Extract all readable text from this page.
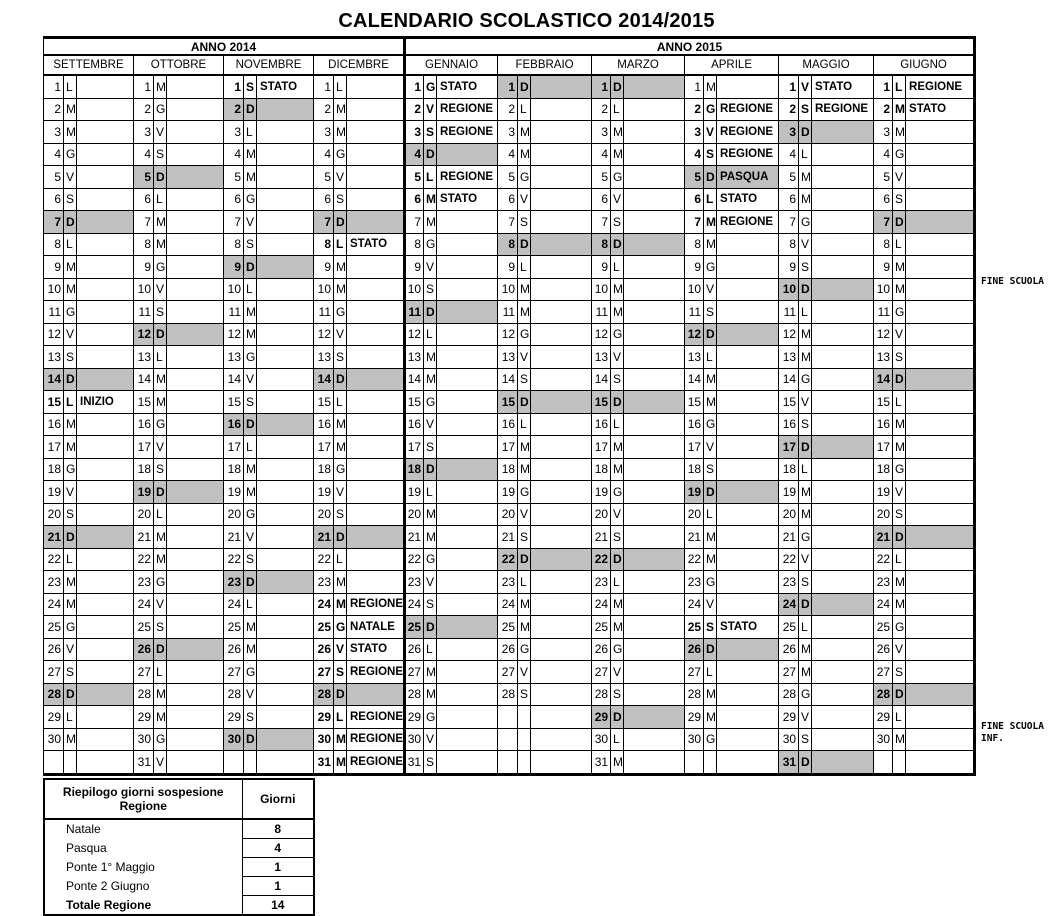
CALENDARIO SCOLASTICO 2014/2015
ANNO 2014												ANNO 2015																	
SETTEMBRE			OTTOBRE			NOVEMBRE			DICEMBRE			GENNAIO			FEBBRAIO			MARZO			APRILE			MAGGIO			GIUGNO		
1	L		1	M		1	S	STATO	1	L		1	G	STATO	1	D		1	D		1	M		1	V	STATO	1	L	REGIONE
2	M		2	G		2	D		2	M		2	V	REGIONE	2	L		2	L		2	G	REGIONE	2	S	REGIONE	2	M	STATO
3	M		3	V		3	L		3	M		3	S	REGIONE	3	M		3	M		3	V	REGIONE	3	D		3	M	
4	G		4	S		4	M		4	G		4	D		4	M		4	M		4	S	REGIONE	4	L		4	G	
5	V		5	D		5	M		5	V		5	L	REGIONE	5	G		5	G		5	D	PASQUA	5	M		5	V	
6	S		6	L		6	G		6	S		6	M	STATO	6	V		6	V		6	L	STATO	6	M		6	S	
7	D		7	M		7	V		7	D		7	M		7	S		7	S		7	M	REGIONE	7	G		7	D	
8	L		8	M		8	S		8	L	STATO	8	G		8	D		8	D		8	M		8	V		8	L	
9	M		9	G		9	D		9	M		9	V		9	L		9	L		9	G		9	S		9	M	
10	M		10	V		10	L		10	M		10	S		10	M		10	M		10	V		10	D		10	M	
11	G		11	S		11	M		11	G		11	D		11	M		11	M		11	S		11	L		11	G	
12	V		12	D		12	M		12	V		12	L		12	G		12	G		12	D		12	M		12	V	
13	S		13	L		13	G		13	S		13	M		13	V		13	V		13	L		13	M		13	S	
14	D		14	M		14	V		14	D		14	M		14	S		14	S		14	M		14	G		14	D	
15	L	INIZIO	15	M		15	S		15	L		15	G		15	D		15	D		15	M		15	V		15	L	
16	M		16	G		16	D		16	M		16	V		16	L		16	L		16	G		16	S		16	M	
17	M		17	V		17	L		17	M		17	S		17	M		17	M		17	V		17	D		17	M	
18	G		18	S		18	M		18	G		18	D		18	M		18	M		18	S		18	L		18	G	
19	V		19	D		19	M		19	V		19	L		19	G		19	G		19	D		19	M		19	V	
20	S		20	L		20	G		20	S		20	M		20	V		20	V		20	L		20	M		20	S	
21	D		21	M		21	V		21	D		21	M		21	S		21	S		21	M		21	G		21	D	
22	L		22	M		22	S		22	L		22	G		22	D		22	D		22	M		22	V		22	L	
23	M		23	G		23	D		23	M		23	V		23	L		23	L		23	G		23	S		23	M	
24	M		24	V		24	L		24	M	REGIONE	24	S		24	M		24	M		24	V		24	D		24	M	
25	G		25	S		25	M		25	G	NATALE	25	D		25	M		25	M		25	S	STATO	25	L		25	G	
26	V		26	D		26	M		26	V	STATO	26	L		26	G		26	G		26	D		26	M		26	V	
27	S		27	L		27	G		27	S	REGIONE	27	M		27	V		27	V		27	L		27	M		27	S	
28	D		28	M		28	V		28	D		28	M		28	S		28	S		28	M		28	G		28	D	
29	L		29	M		29	S		29	L	REGIONE	29	G					29	D		29	M		29	V		29	L	
30	M		30	G		30	D		30	M	REGIONE	30	V					30	L		30	G		30	S		30	M	
			31	V					31	M	REGIONE	31	S					31	M					31	D				
FINE SCUOLA
FINE SCUOLA INF.
Riepilogo giorni sospesione Regione	Giorni
Natale	8
Pasqua	4
Ponte 1° Maggio	1
Ponte 2 Giugno	1
Totale Regione	14
